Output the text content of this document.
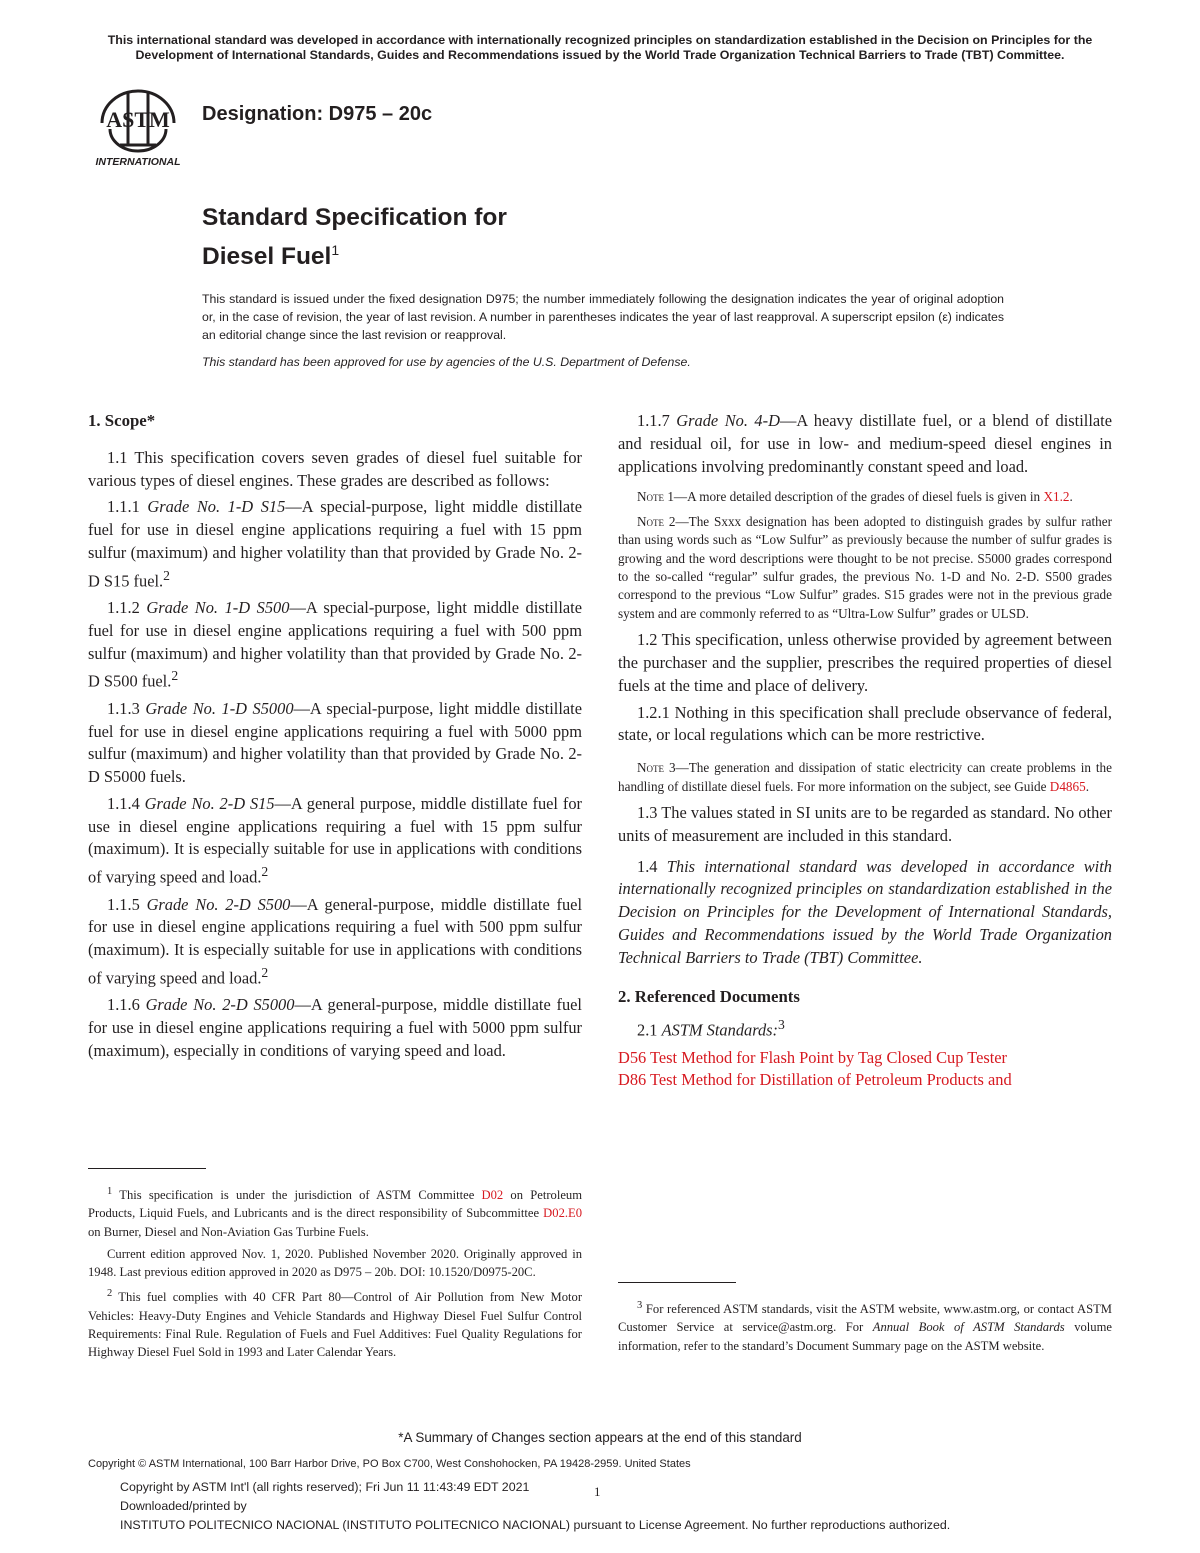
This international standard was developed in accordance with internationally recognized principles on standardization established in the Decision on Principles for the Development of International Standards, Guides and Recommendations issued by the World Trade Organization Technical Barriers to Trade (TBT) Committee.
ASTM
INTERNATIONAL
Designation: D975 – 20c
Standard Specification for
Diesel Fuel$^1$

This standard is issued under the fixed designation D975; the number immediately following the designation indicates the year of original adoption or, in the case of revision, the year of last revision. A number in parentheses indicates the year of last reapproval. A superscript epsilon (ε) indicates an editorial change since the last revision or reapproval.

This standard has been approved for use by agencies of the U.S. Department of Defense.

1. Scope*

1.1 This specification covers seven grades of diesel fuel suitable for various types of diesel engines. These grades are described as follows:

1.1.1 Grade No. 1-D S15—A special-purpose, light middle distillate fuel for use in diesel engine applications requiring a fuel with 15 ppm sulfur (maximum) and higher volatility than that provided by Grade No. 2-D S15 fuel.$^2$

1.1.2 Grade No. 1-D S500—A special-purpose, light middle distillate fuel for use in diesel engine applications requiring a fuel with 500 ppm sulfur (maximum) and higher volatility than that provided by Grade No. 2-D S500 fuel.$^2$

1.1.3 Grade No. 1-D S5000—A special-purpose, light middle distillate fuel for use in diesel engine applications requiring a fuel with 5000 ppm sulfur (maximum) and higher volatility than that provided by Grade No. 2-D S5000 fuels.

1.1.4 Grade No. 2-D S15—A general purpose, middle distillate fuel for use in diesel engine applications requiring a fuel with 15 ppm sulfur (maximum). It is especially suitable for use in applications with conditions of varying speed and load.$^2$

1.1.5 Grade No. 2-D S500—A general-purpose, middle distillate fuel for use in diesel engine applications requiring a fuel with 500 ppm sulfur (maximum). It is especially suitable for use in applications with conditions of varying speed and load.$^2$

1.1.6 Grade No. 2-D S5000—A general-purpose, middle distillate fuel for use in diesel engine applications requiring a fuel with 5000 ppm sulfur (maximum), especially in conditions of varying speed and load.

$^1$ This specification is under the jurisdiction of ASTM Committee D02 on Petroleum Products, Liquid Fuels, and Lubricants and is the direct responsibility of Subcommittee D02.E0 on Burner, Diesel and Non-Aviation Gas Turbine Fuels.

Current edition approved Nov. 1, 2020. Published November 2020. Originally approved in 1948. Last previous edition approved in 2020 as D975 – 20b. DOI: 10.1520/D0975-20C.

$^2$ This fuel complies with 40 CFR Part 80—Control of Air Pollution from New Motor Vehicles: Heavy-Duty Engines and Vehicle Standards and Highway Diesel Fuel Sulfur Control Requirements: Final Rule. Regulation of Fuels and Fuel Additives: Fuel Quality Regulations for Highway Diesel Fuel Sold in 1993 and Later Calendar Years.

1.1.7 Grade No. 4-D—A heavy distillate fuel, or a blend of distillate and residual oil, for use in low- and medium-speed diesel engines in applications involving predominantly constant speed and load.

Note 1—A more detailed description of the grades of diesel fuels is given in X1.2.

Note 2—The Sxxx designation has been adopted to distinguish grades by sulfur rather than using words such as “Low Sulfur” as previously because the number of sulfur grades is growing and the word descriptions were thought to be not precise. S5000 grades correspond to the so-called “regular” sulfur grades, the previous No. 1-D and No. 2-D. S500 grades correspond to the previous “Low Sulfur” grades. S15 grades were not in the previous grade system and are commonly referred to as “Ultra-Low Sulfur” grades or ULSD.

1.2 This specification, unless otherwise provided by agreement between the purchaser and the supplier, prescribes the required properties of diesel fuels at the time and place of delivery.

1.2.1 Nothing in this specification shall preclude observance of federal, state, or local regulations which can be more restrictive.

Note 3—The generation and dissipation of static electricity can create problems in the handling of distillate diesel fuels. For more information on the subject, see Guide D4865.

1.3 The values stated in SI units are to be regarded as standard. No other units of measurement are included in this standard.

1.4 This international standard was developed in accordance with internationally recognized principles on standardization established in the Decision on Principles for the Development of International Standards, Guides and Recommendations issued by the World Trade Organization Technical Barriers to Trade (TBT) Committee.

2. Referenced Documents

2.1 ASTM Standards:$^3$

D56 Test Method for Flash Point by Tag Closed Cup Tester

D86 Test Method for Distillation of Petroleum Products and

$^3$ For referenced ASTM standards, visit the ASTM website, www.astm.org, or contact ASTM Customer Service at service@astm.org. For Annual Book of ASTM Standards volume information, refer to the standard’s Document Summary page on the ASTM website.

*A Summary of Changes section appears at the end of this standard
Copyright © ASTM International, 100 Barr Harbor Drive, PO Box C700, West Conshohocken, PA 19428-2959. United States
Copyright by ASTM Int'l (all rights reserved); Fri Jun 11 11:43:49 EDT 2021
Downloaded/printed by
INSTITUTO POLITECNICO NACIONAL (INSTITUTO POLITECNICO NACIONAL) pursuant to License Agreement. No further reproductions authorized.
1
